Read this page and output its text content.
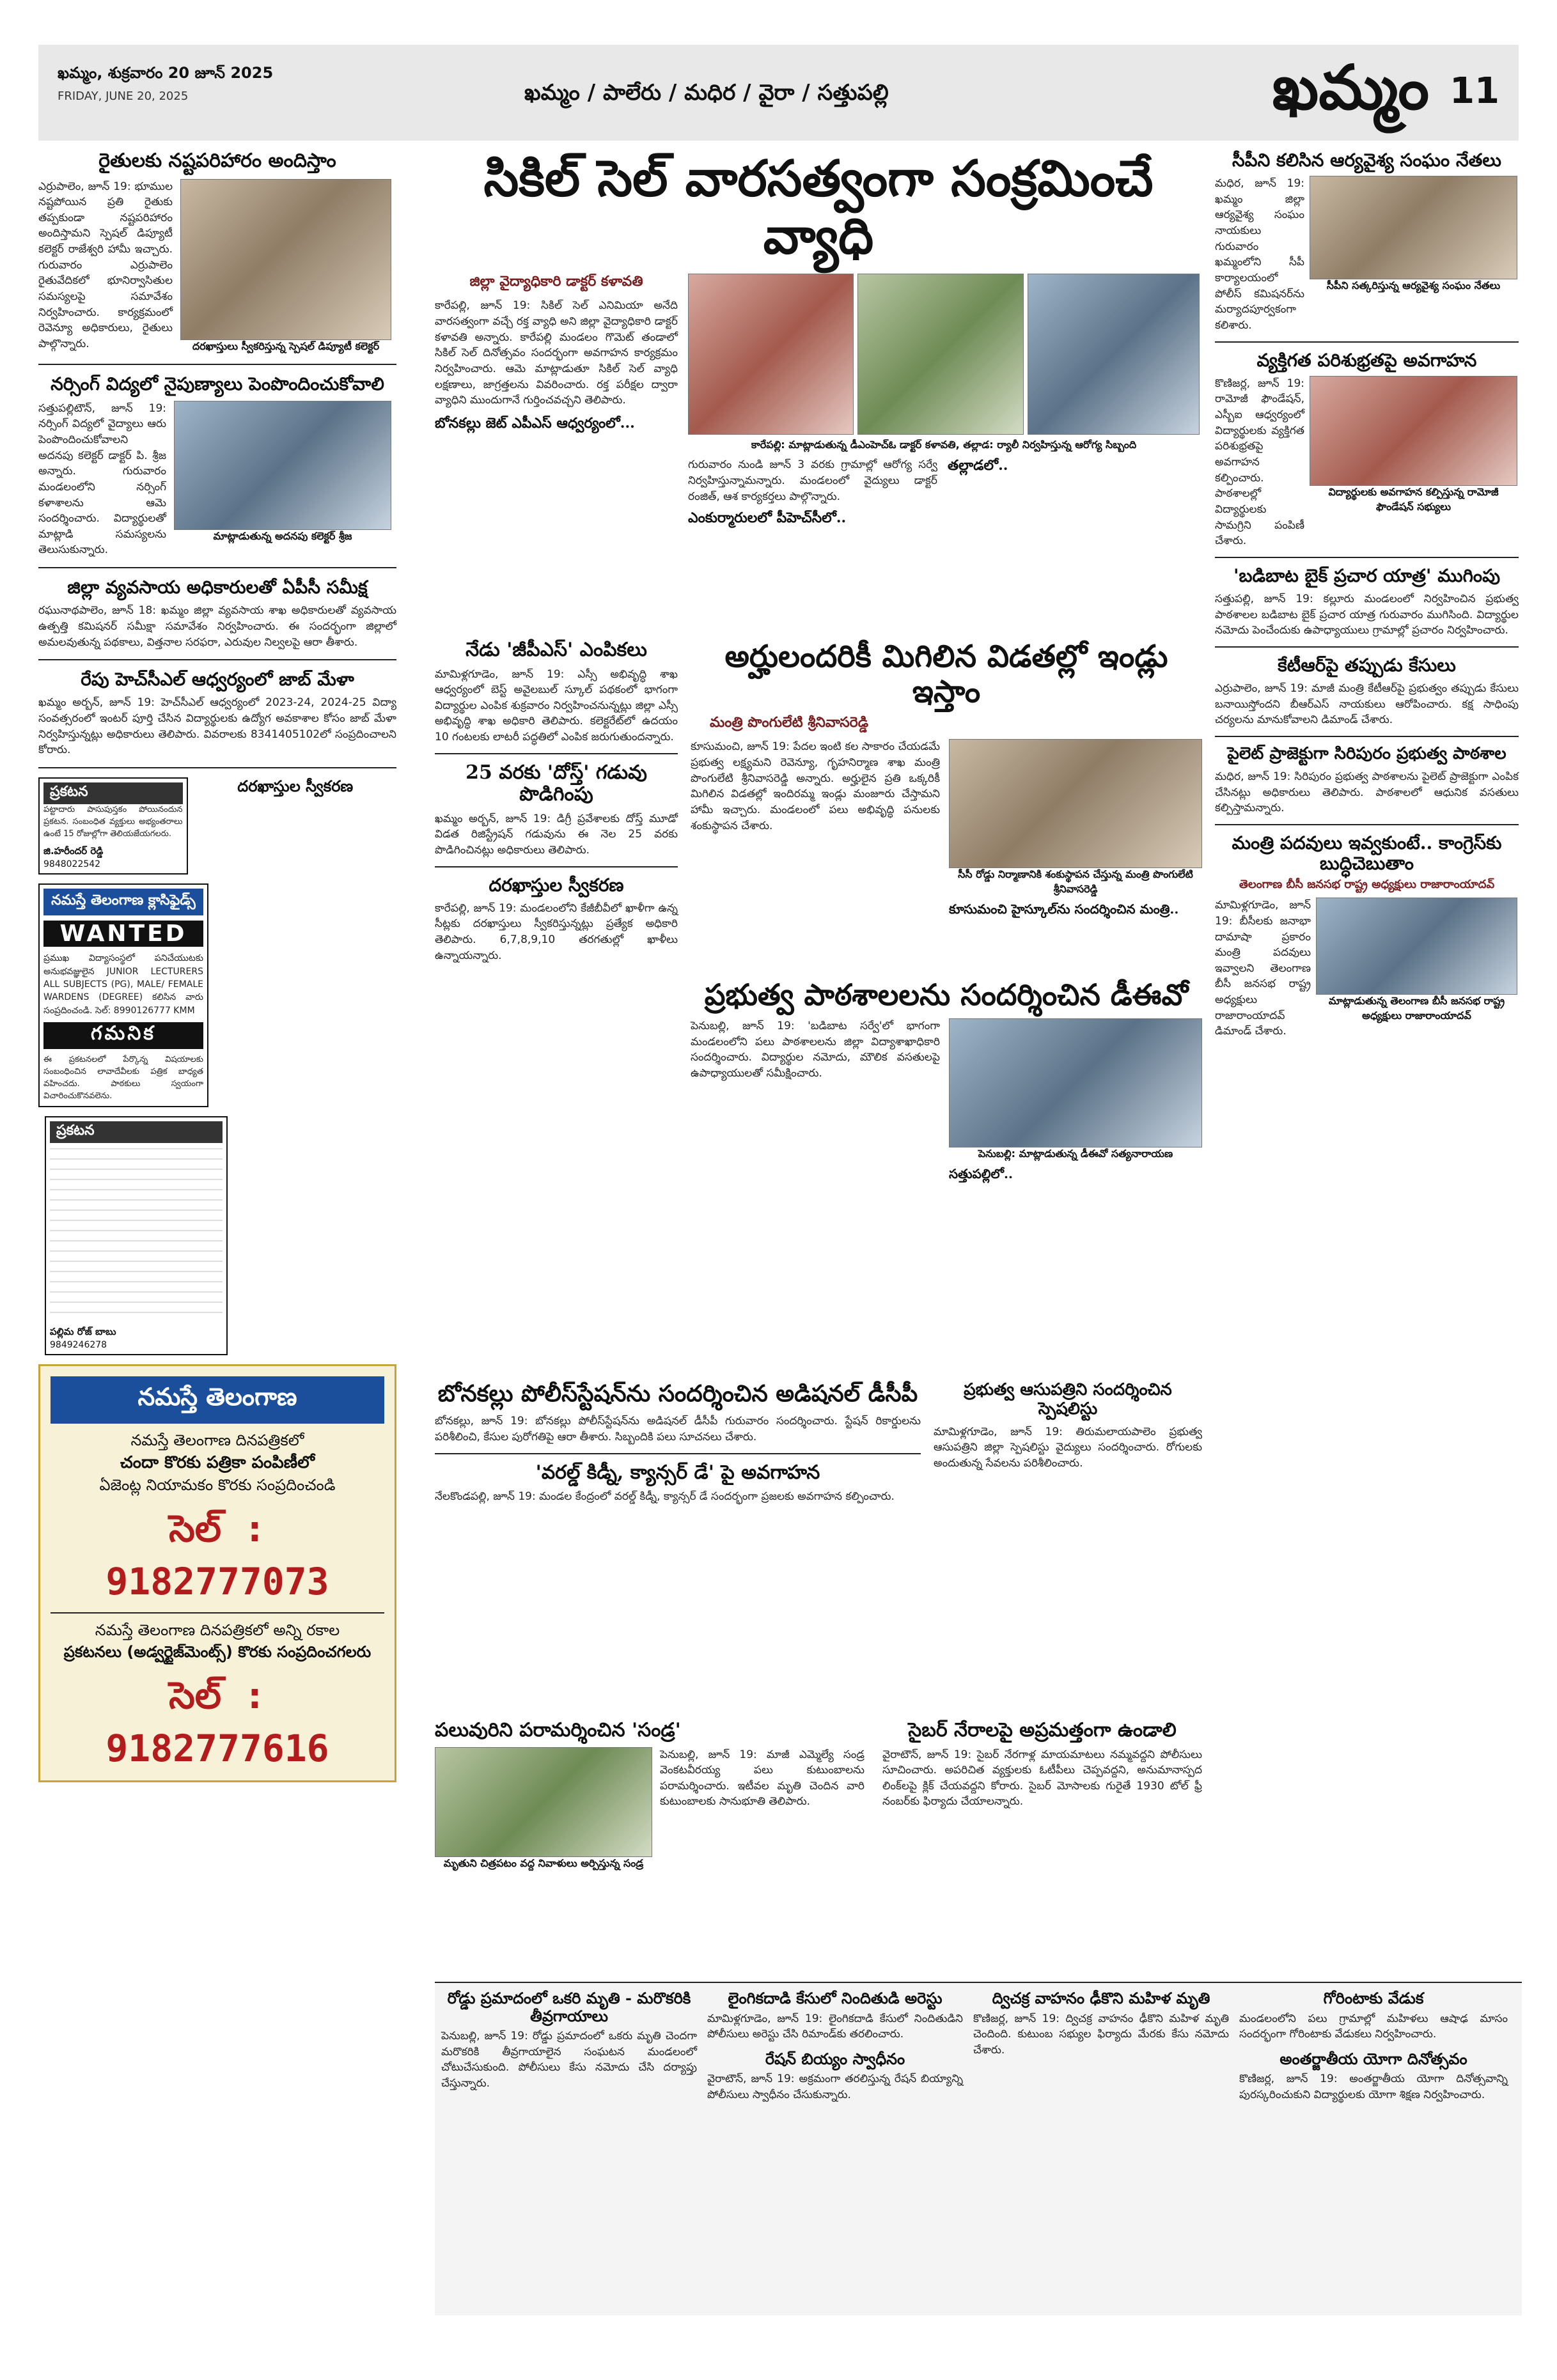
ఖమ్మం, శుక్రవారం 20 జూన్ 2025
FRIDAY, JUNE 20, 2025	ఖమ్మం / పాలేరు / మధిర / వైరా / సత్తుపల్లి	ఖమ్మం 11
రైతులకు నష్టపరిహారం అందిస్తాం
ఎర్రుపాలెం, జూన్ 19: భూముల నష్టపోయిన ప్రతి రైతుకు తప్పకుండా నష్టపరిహారం అందిస్తామని స్పెషల్ డిప్యూటీ కలెక్టర్ రాజేశ్వరి హామీ ఇచ్చారు. గురువారం ఎర్రుపాలెం రైతువేదికలో భూనిర్వాసితుల సమస్యలపై సమావేశం నిర్వహించారు. కార్యక్రమంలో రెవెన్యూ అధికారులు, రైతులు పాల్గొన్నారు.	దరఖాస్తులు స్వీకరిస్తున్న స్పెషల్ డిప్యూటీ కలెక్టర్
నర్సింగ్ విద్యలో నైపుణ్యాలు పెంపొందించుకోవాలి
సత్తుపల్లిటౌన్, జూన్ 19: నర్సింగ్ విద్యలో వైద్యాలు ఆరు పెంపొందించుకోవాలని అదనపు కలెక్టర్ డాక్టర్ పి. శ్రీజ అన్నారు. గురువారం మండలంలోని నర్సింగ్ కళాశాలను ఆమె సందర్శించారు. విద్యార్థులతో మాట్లాడి సమస్యలను తెలుసుకున్నారు.
మాట్లాడుతున్న అదనపు కలెక్టర్ శ్రీజ
జిల్లా వ్యవసాయ అధికారులతో ఏపీసీ సమీక్ష
రఘునాథపాలెం, జూన్ 18: ఖమ్మం జిల్లా వ్యవసాయ శాఖ అధికారులతో వ్యవసాయ ఉత్పత్తి కమిషనర్ సమీక్షా సమావేశం నిర్వహించారు. ఈ సందర్భంగా జిల్లాలో అమలవుతున్న పథకాలు, విత్తనాల సరఫరా, ఎరువుల నిల్వలపై ఆరా తీశారు.
రేపు హెచ్‌సీఎల్ ఆధ్వర్యంలో జాబ్ మేళా
ఖమ్మం అర్బన్, జూన్ 19: హెచ్‌సీఎల్ ఆధ్వర్యంలో 2023-24, 2024-25 విద్యా సంవత్సరంలో ఇంటర్ పూర్తి చేసిన విద్యార్థులకు ఉద్యోగ అవకాశాల కోసం జాబ్ మేళా నిర్వహిస్తున్నట్లు అధికారులు తెలిపారు. వివరాలకు 8341405102లో సంప్రదించాలని కోరారు.
ప్రకటన
పట్టాదారు పాసుపుస్తకం పోయినందున ప్రకటన. సంబంధిత వ్యక్తులు అభ్యంతరాలు ఉంటే 15 రోజుల్లోగా తెలియజేయగలరు.
జి.హరీందర్ రెడ్డి
9848022542
దరఖాస్తుల స్వీకరణ
నమస్తే తెలంగాణ క్లాసిఫైడ్స్
WANTED
ప్రముఖ విద్యాసంస్థలో పనిచేయుటకు అనుభవజ్ఞులైన JUNIOR LECTURERS ALL SUBJECTS (PG), MALE/ FEMALE WARDENS (DEGREE) కలిసిన వారు సంప్రదించండి. సెల్: 8990126777 KMM
గమనిక
ఈ ప్రకటనలలో పేర్కొన్న విషయాలకు సంబంధించిన లావాదేవీలకు పత్రిక బాధ్యత వహించదు. పాఠకులు స్వయంగా విచారించుకొనవలెను.

ప్రకటన
పల్లిమ రోజ్ బాబు
9849246278
నమస్తే తెలంగాణ
నమస్తే తెలంగాణ దినపత్రికలో
చందా కొరకు పత్రికా పంపిణీలో
ఏజెంట్ల నియామకం కొరకు సంప్రదించండి
సెల్ : 9182777073
నమస్తే తెలంగాణ దినపత్రికలో అన్ని రకాల
ప్రకటనలు (అడ్వర్టైజ్‌మెంట్స్) కొరకు సంప్రదించగలరు
సెల్ : 9182777616
సికిల్ సెల్ వారసత్వంగా సంక్రమించే వ్యాధి
జిల్లా వైద్యాధికారి డాక్టర్ కళావతి
కారేపల్లి, జూన్ 19: సికిల్ సెల్ ఎనిమియా అనేది వారసత్వంగా వచ్చే రక్త వ్యాధి అని జిల్లా వైద్యాధికారి డాక్టర్ కళావతి అన్నారు. కారేపల్లి మండలం గొమెట్ తండాలో సికిల్ సెల్ దినోత్సవం సందర్భంగా అవగాహన కార్యక్రమం నిర్వహించారు. ఆమె మాట్లాడుతూ సికిల్ సెల్ వ్యాధి లక్షణాలు, జాగ్రత్తలను వివరించారు. రక్త పరీక్షల ద్వారా వ్యాధిని ముందుగానే గుర్తించవచ్చని తెలిపారు.
బోనకల్లు జెట్ ఎపీఎస్ ఆధ్వర్యంలో...
కారేపల్లి: మాట్లాడుతున్న డీఎంహెచ్ఓ డాక్టర్ కళావతి, తల్లాడ: ర్యాలీ నిర్వహిస్తున్న ఆరోగ్య సిబ్బంది
గురువారం నుండి జూన్ 3 వరకు గ్రామాల్లో ఆరోగ్య సర్వే నిర్వహిస్తున్నామన్నారు. మండలంలో వైద్యులు డాక్టర్ రంజిత్, ఆశ కార్యకర్తలు పాల్గొన్నారు.
ఎంకుర్మారులలో పీహెచ్‌సీలో..
తల్లాడలో..
నేడు 'జీపీఎస్' ఎంపికలు
మామిళ్లగూడెం, జూన్ 19: ఎస్సీ అభివృద్ధి శాఖ ఆధ్వర్యంలో బెస్ట్ అవైలబుల్ స్కూల్ పథకంలో భాగంగా విద్యార్థుల ఎంపిక శుక్రవారం నిర్వహించనున్నట్లు జిల్లా ఎస్సీ అభివృద్ధి శాఖ అధికారి తెలిపారు. కలెక్టరేట్‌లో ఉదయం 10 గంటలకు లాటరీ పద్ధతిలో ఎంపిక జరుగుతుందన్నారు.
25 వరకు 'దోస్త్' గడువు పొడిగింపు
ఖమ్మం అర్బన్, జూన్ 19: డిగ్రీ ప్రవేశాలకు దోస్త్ మూడో విడత రిజిస్ట్రేషన్ గడువును ఈ నెల 25 వరకు పొడిగించినట్లు అధికారులు తెలిపారు.
దరఖాస్తుల స్వీకరణ
కారేపల్లి, జూన్ 19: మండలంలోని కేజీబీవీలో ఖాళీగా ఉన్న సీట్లకు దరఖాస్తులు స్వీకరిస్తున్నట్లు ప్రత్యేక అధికారి తెలిపారు. 6,7,8,9,10 తరగతుల్లో ఖాళీలు ఉన్నాయన్నారు.
అర్హులందరికీ మిగిలిన విడతల్లో ఇండ్లు ఇస్తాం
మంత్రి పొంగులేటి శ్రీనివాసరెడ్డి
కూసుమంచి, జూన్ 19: పేదల ఇంటి కల సాకారం చేయడమే ప్రభుత్వ లక్ష్యమని రెవెన్యూ, గృహనిర్మాణ శాఖ మంత్రి పొంగులేటి శ్రీనివాసరెడ్డి అన్నారు. అర్హులైన ప్రతి ఒక్కరికీ మిగిలిన విడతల్లో ఇందిరమ్మ ఇండ్లు మంజూరు చేస్తామని హామీ ఇచ్చారు. మండలంలో పలు అభివృద్ధి పనులకు శంకుస్థాపన చేశారు.
సీసీ రోడ్డు నిర్మాణానికి శంకుస్థాపన చేస్తున్న మంత్రి పొంగులేటి శ్రీనివాసరెడ్డి
కూసుమంచి హైస్కూల్‌ను సందర్శించిన మంత్రి..
ప్రభుత్వ పాఠశాలలను సందర్శించిన డీఈవో
పెనుబల్లి, జూన్ 19: 'బడిబాట సర్వే'లో భాగంగా మండలంలోని పలు పాఠశాలలను జిల్లా విద్యాశాఖాధికారి సందర్శించారు. విద్యార్థుల నమోదు, మౌలిక వసతులపై ఉపాధ్యాయులతో సమీక్షించారు.
పెనుబల్లి: మాట్లాడుతున్న డీఈవో సత్యనారాయణ
సత్తుపల్లిలో..
బోనకల్లు పోలీస్‌స్టేషన్‌ను సందర్శించిన అడిషనల్ డీసీపీ
బోనకల్లు, జూన్ 19: బోనకల్లు పోలీస్‌స్టేషన్‌ను అడిషనల్ డీసీపీ గురువారం సందర్శించారు. స్టేషన్ రికార్డులను పరిశీలించి, కేసుల పురోగతిపై ఆరా తీశారు. సిబ్బందికి పలు సూచనలు చేశారు.
'వరల్డ్ కిడ్నీ, క్యాన్సర్ డే' పై అవగాహన
నేలకొండపల్లి, జూన్ 19: మండల కేంద్రంలో వరల్డ్ కిడ్నీ, క్యాన్సర్ డే సందర్భంగా ప్రజలకు అవగాహన కల్పించారు.
ప్రభుత్వ ఆసుపత్రిని సందర్శించిన స్పెషలిస్టు
మామిళ్లగూడెం, జూన్ 19: తిరుమలాయపాలెం ప్రభుత్వ ఆసుపత్రిని జిల్లా స్పెషలిస్టు వైద్యులు సందర్శించారు. రోగులకు అందుతున్న సేవలను పరిశీలించారు.
పలువురిని పరామర్శించిన 'సండ్ర'
మృతుని చిత్రపటం వద్ద నివాళులు అర్పిస్తున్న సండ్ర
పెనుబల్లి, జూన్ 19: మాజీ ఎమ్మెల్యే సండ్ర వెంకటవీరయ్య పలు కుటుంబాలను పరామర్శించారు. ఇటీవల మృతి చెందిన వారి కుటుంబాలకు సానుభూతి తెలిపారు.
సైబర్ నేరాలపై అప్రమత్తంగా ఉండాలి
వైరాటౌన్, జూన్ 19: సైబర్ నేరగాళ్ల మాయమాటలు నమ్మవద్దని పోలీసులు సూచించారు. అపరిచిత వ్యక్తులకు ఓటీపీలు చెప్పవద్దని, అనుమానాస్పద లింక్‌లపై క్లిక్ చేయవద్దని కోరారు. సైబర్ మోసాలకు గురైతే 1930 టోల్ ఫ్రీ నంబర్‌కు ఫిర్యాదు చేయాలన్నారు.
సీపీని కలిసిన ఆర్యవైశ్య సంఘం నేతలు
మధిర, జూన్ 19: ఖమ్మం జిల్లా ఆర్యవైశ్య సంఘం నాయకులు గురువారం ఖమ్మంలోని సీపీ కార్యాలయంలో పోలీస్ కమిషనర్‌ను మర్యాదపూర్వకంగా కలిశారు.
సీపీని సత్కరిస్తున్న ఆర్యవైశ్య సంఘం నేతలు
వ్యక్తిగత పరిశుభ్రతపై అవగాహన
కొణిజర్ల, జూన్ 19: రామోజీ ఫౌండేషన్, ఎస్బీఐ ఆధ్వర్యంలో విద్యార్థులకు వ్యక్తిగత పరిశుభ్రతపై అవగాహన కల్పించారు. పాఠశాలల్లో విద్యార్థులకు సామగ్రిని పంపిణీ చేశారు.
విద్యార్థులకు అవగాహన కల్పిస్తున్న రామోజీ ఫౌండేషన్ సభ్యులు
'బడిబాట బైక్ ప్రచార యాత్ర' ముగింపు
సత్తుపల్లి, జూన్ 19: కల్లూరు మండలంలో నిర్వహించిన ప్రభుత్వ పాఠశాలల బడిబాట బైక్ ప్రచార యాత్ర గురువారం ముగిసింది. విద్యార్థుల నమోదు పెంచేందుకు ఉపాధ్యాయులు గ్రామాల్లో ప్రచారం నిర్వహించారు.
కేటీఆర్‌పై తప్పుడు కేసులు
ఎర్రుపాలెం, జూన్ 19: మాజీ మంత్రి కేటీఆర్‌పై ప్రభుత్వం తప్పుడు కేసులు బనాయిస్తోందని బీఆర్‌ఎస్ నాయకులు ఆరోపించారు. కక్ష సాధింపు చర్యలను మానుకోవాలని డిమాండ్ చేశారు.
పైలెట్ ప్రాజెక్టుగా సిరిపురం ప్రభుత్వ పాఠశాల
మధిర, జూన్ 19: సిరిపురం ప్రభుత్వ పాఠశాలను పైలెట్ ప్రాజెక్టుగా ఎంపిక చేసినట్లు అధికారులు తెలిపారు. పాఠశాలలో ఆధునిక వసతులు కల్పిస్తామన్నారు.
మంత్రి పదవులు ఇవ్వకుంటే.. కాంగ్రెస్‌కు బుద్ధిచెబుతాం
తెలంగాణ బీసీ జనసభ రాష్ట్ర అధ్యక్షులు రాజారాంయాదవ్
మామిళ్లగూడెం, జూన్ 19: బీసీలకు జనాభా దామాషా ప్రకారం మంత్రి పదవులు ఇవ్వాలని తెలంగాణ బీసీ జనసభ రాష్ట్ర అధ్యక్షులు రాజారాంయాదవ్ డిమాండ్ చేశారు.
మాట్లాడుతున్న తెలంగాణ బీసీ జనసభ రాష్ట్ర అధ్యక్షులు రాజారాంయాదవ్
రోడ్డు ప్రమాదంలో ఒకరి మృతి - మరొకరికి తీవ్రగాయాలు
పెనుబల్లి, జూన్ 19: రోడ్డు ప్రమాదంలో ఒకరు మృతి చెందగా మరొకరికి తీవ్రగాయాలైన సంఘటన మండలంలో చోటుచేసుకుంది. పోలీసులు కేసు నమోదు చేసి దర్యాప్తు చేస్తున్నారు.
లైంగికదాడి కేసులో నిందితుడి అరెస్టు
మామిళ్లగూడెం, జూన్ 19: లైంగికదాడి కేసులో నిందితుడిని పోలీసులు అరెస్టు చేసి రిమాండ్‌కు తరలించారు.
రేషన్ బియ్యం స్వాధీనం
వైరాటౌన్, జూన్ 19: అక్రమంగా తరలిస్తున్న రేషన్ బియ్యాన్ని పోలీసులు స్వాధీనం చేసుకున్నారు.
ద్విచక్ర వాహనం ఢీకొని మహిళ మృతి
కొణిజర్ల, జూన్ 19: ద్విచక్ర వాహనం ఢీకొని మహిళ మృతి చెందింది. కుటుంబ సభ్యుల ఫిర్యాదు మేరకు కేసు నమోదు చేశారు.
గోరింటాకు వేడుక
మండలంలోని పలు గ్రామాల్లో మహిళలు ఆషాఢ మాసం సందర్భంగా గోరింటాకు వేడుకలు నిర్వహించారు.
అంతర్జాతీయ యోగా దినోత్సవం
కొణిజర్ల, జూన్ 19: అంతర్జాతీయ యోగా దినోత్సవాన్ని పురస్కరించుకుని విద్యార్థులకు యోగా శిక్షణ నిర్వహించారు.
